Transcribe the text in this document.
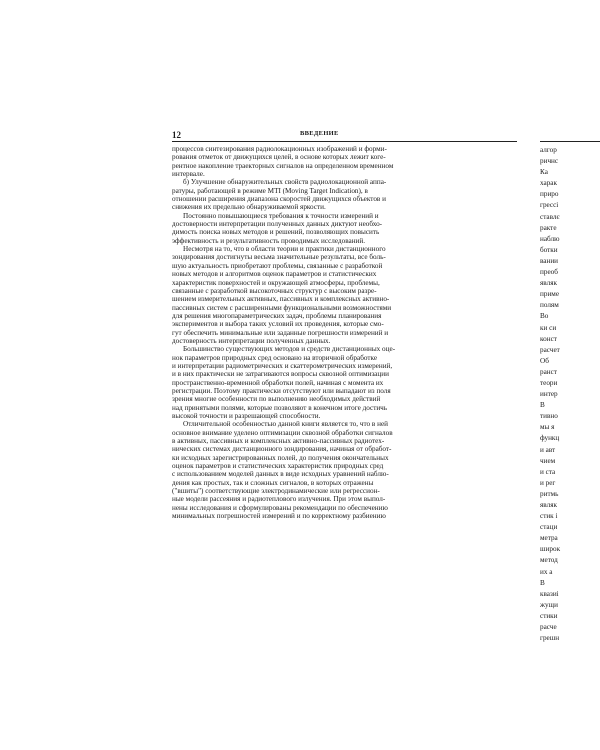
12	ВВЕДЕНИЕ
процессов синтезирования радиолокационных изображений и форми-
рования отметок от движущихся целей, в основе которых лежит коге-
рентное накопление траекторных сигналов на определенном временном
интервале.
б) Улучшение обнаружительных свойств радиолокационной аппа-
ратуры, работающей в режиме MTI (Moving Target Indication), в
отношении расширения диапазона скоростей движущихся объектов и
снижения их предельно обнаруживаемой яркости.
Постоянно повышающиеся требования к точности измерений и
достоверности интерпретации полученных данных диктуют необхо-
димость поиска новых методов и решений, позволяющих повысить
эффективность и результативность проводимых исследований.
Несмотря на то, что в области теории и практики дистанционного
зондирования достигнуты весьма значительные результаты, все боль-
шую актуальность приобретают проблемы, связанные с разработкой
новых методов и алгоритмов оценок параметров и статистических
характеристик поверхностей и окружающей атмосферы, проблемы,
связанные с разработкой высокоточных структур с высоким разре-
шением измерительных активных, пассивных и комплексных активно-
пассивных систем с расширенными функциональными возможностями
для решения многопараметрических задач, проблемы планирования
экспериментов и выбора таких условий их проведения, которые смо-
гут обеспечить минимальные или заданные погрешности измерений и
достоверность интерпретации полученных данных.
Большинство существующих методов и средств дистанционных оце-
нок параметров природных сред основано на вторичной обработке
и интерпретации радиометрических и скаттерометрических измерений,
и в них практически не затрагиваются вопросы сквозной оптимизации
пространственно-временной обработки полей, начиная с момента их
регистрации. Поэтому практически отсутствуют или выпадают из поля
зрения многие особенности по выполнению необходимых действий
над принятыми полями, которые позволяют в конечном итоге достичь
высокой точности и разрешающей способности.
Отличительной особенностью данной книги является то, что в ней
основное внимание уделено оптимизации сквозной обработки сигналов
в активных, пассивных и комплексных активно-пассивных радиотех-
нических системах дистанционного зондирования, начиная от обработ-
ки исходных зарегистрированных полей, до получения окончательных
оценок параметров и статистических характеристик природных сред
с использованием моделей данных в виде исходных уравнений наблю-
дения как простых, так и сложных сигналов, в которых отражены
("вшиты") соответствующие электродинамические или регрессион-
ные модели рассеяния и радиотеплового излучения. При этом выпол-
нены исследования и сформулированы рекомендации по обеспечению
минимальных погрешностей измерений и по корректному разбиению
алгор
ричнс
Ка
харак
приро
грессі
ставлє
ракте
наблю
ботки
вании
преоб
являк
приме
полям
Во
ки си
конст
расчет
Об
ранст
теори
интер
В
тивно
мы я
функц
и авт
чием
и ста
и рег
ритмь
являк
стик і
стаци
метра
широк
метод
их а
В
квазиі
жущи
стики
расче
грешн
